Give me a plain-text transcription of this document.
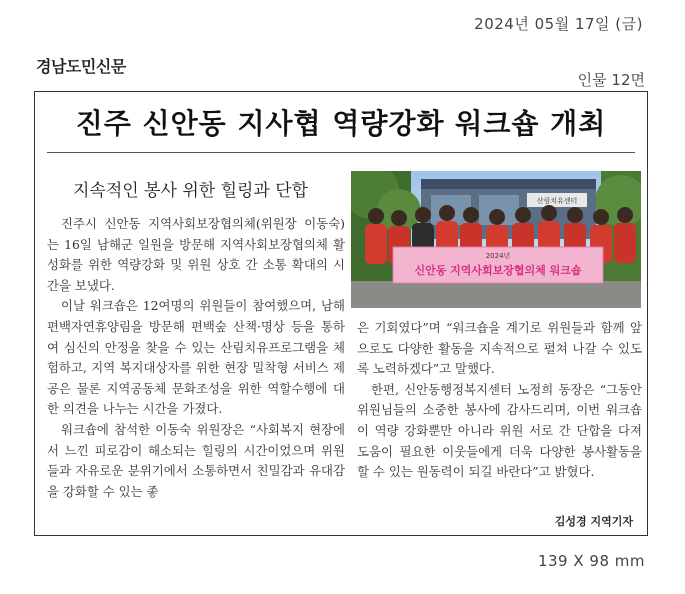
2024년 05월 17일 (금)
경남도민신문
인물 12면
진주 신안동 지사협 역량강화 워크숍 개최
지속적인 봉사 위한 힐링과 단합

진주시 신안동 지역사회보장협의체(위원장 이동숙)는 16일 남해군 일원을 방문해 지역사회보장협의체 활성화를 위한 역량강화 및 위원 상호 간 소통 확대의 시간을 보냈다.

이날 워크숍은 12여명의 위원들이 참여했으며, 남해편백자연휴양림을 방문해 편백숲 산책·명상 등을 통하여 심신의 안정을 찾을 수 있는 산림치유프로그램을 체험하고, 지역 복지대상자를 위한 현장 밀착형 서비스 제공은 물론 지역공동체 문화조성을 위한 역할수행에 대한 의견을 나누는 시간을 가졌다.

워크숍에 참석한 이동숙 위원장은 “사회복지 현장에서 느낀 피로감이 해소되는 힐링의 시간이었으며 위원들과 자유로운 분위기에서 소통하면서 친밀감과 유대감을 강화할 수 있는 좋

산림치유센터
2024년
신안동 지역사회보장협의체 워크숍

은 기회였다”며 “워크숍을 계기로 위원들과 함께 앞으로도 다양한 활동을 지속적으로 펼쳐 나갈 수 있도록 노력하겠다”고 말했다.

한편, 신안동행정복지센터 노정희 동장은 “그동안 위원님들의 소중한 봉사에 감사드리며, 이번 워크숍이 역량 강화뿐만 아니라 위원 서로 간 단합을 다져 도움이 필요한 이웃들에게 더욱 다양한 봉사활동을 할 수 있는 원동력이 되길 바란다”고 밝혔다.

김성경 지역기자
139 X 98 mm
